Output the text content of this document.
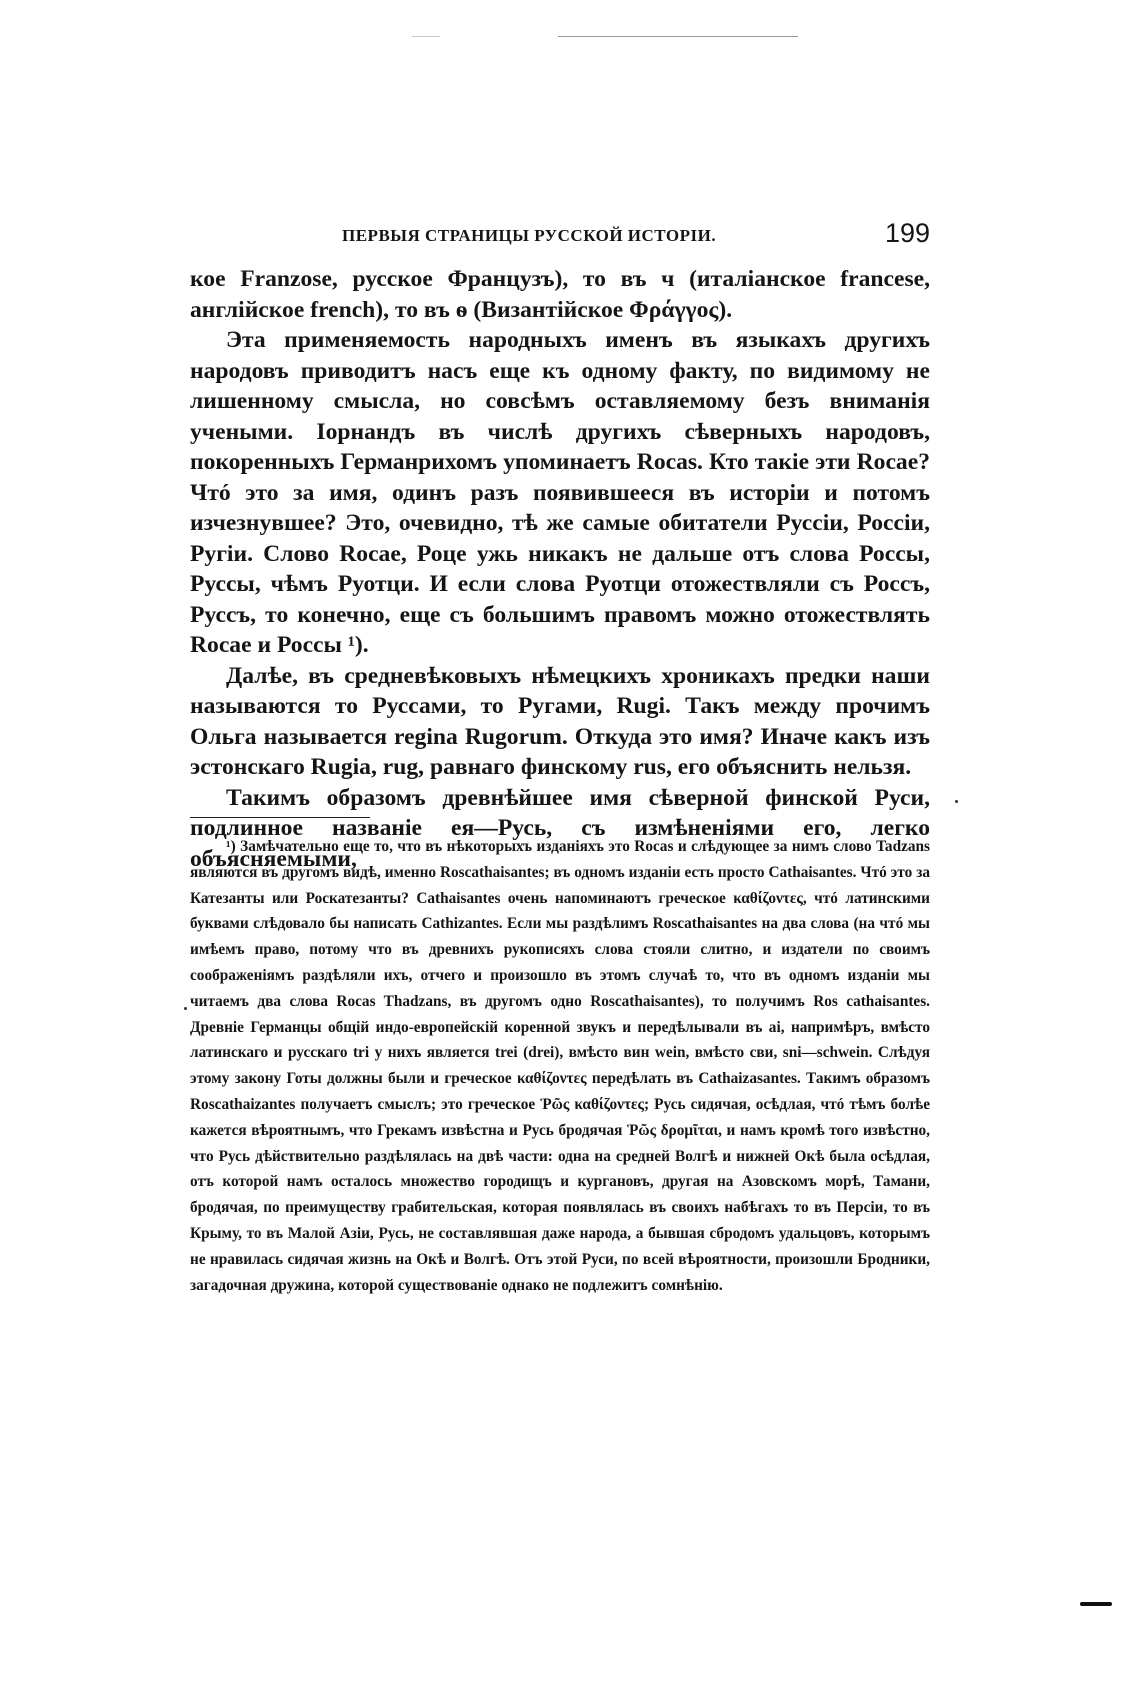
ПЕРВЫЯ СТРАНИЦЫ РУССКОЙ ИСТОРІИ.	199

кое Franzose, русское Французъ), то въ ч (италіанское francese, англійское french), то въ ѳ (Византійское Φράγγος).

Эта применяемость народныхъ именъ въ языкахъ другихъ народовъ приводитъ насъ еще къ одному факту, по видимому не лишенному смысла, но совсѣмъ оставляемому безъ вниманія учеными. Іорнандъ въ числѣ другихъ сѣверныхъ народовъ, покоренныхъ Германрихомъ упоминаетъ Rocas. Кто такіе эти Rocae? Чтó это за имя, одинъ разъ появившееся въ исторіи и потомъ изчезнувшее? Это, очевидно, тѣ же самые обитатели Руссіи, Россіи, Ругіи. Слово Rocae, Роце ужь никакъ не дальше отъ слова Россы, Руссы, чѣмъ Руотци. И если слова Руотци отожествляли съ Россъ, Руссъ, то конечно, еще съ большимъ правомъ можно отожествлять Rocae и Россы ¹).

Далѣе, въ средневѣковыхъ нѣмецкихъ хроникахъ предки наши называются то Руссами, то Ругами, Rugi. Такъ между прочимъ Ольга называется regina Rugorum. Откуда это имя? Иначе какъ изъ эстонскаго Rugia, rug, равнаго финскому rus, его объяснить нельзя.

Такимъ образомъ древнѣйшее имя сѣверной финской Руси, подлинное названіе ея—Русь, съ измѣненіями его, легко объясняемыми,

¹) Замѣчательно еще то, что въ нѣкоторыхъ изданіяхъ это Rocas и слѣдующее за нимъ слово Tadzans являются въ другомъ видѣ, именно Roscathaisantes; въ одномъ изданіи есть просто Cathaisantes. Чтó это за Катезанты или Роскатезанты? Cathaisantes очень напоминаютъ греческое καθίζοντες, чтó латинскими буквами слѣдовало бы написать Cathizantes. Если мы раздѣлимъ Roscathaisantes на два слова (на чтó мы имѣемъ право, потому что въ древнихъ рукописяхъ слова стояли слитно, и издатели по своимъ соображеніямъ раздѣляли ихъ, отчего и произошло въ этомъ случаѣ то, что въ одномъ изданіи мы читаемъ два слова Rocas Thadzans, въ другомъ одно Roscathaisantes), то получимъ Ros cathaisantes. Древніе Германцы общій индо-европейскій коренной звукъ и передѣлывали въ ai, напримѣръ, вмѣсто латинскаго и русскаго tri у нихъ является trei (drei), вмѣсто вин wein, вмѣсто сви, sni—schwein. Слѣдуя этому закону Готы должны были и греческое καθίζοντες передѣлать въ Cathaizasantes. Такимъ образомъ Roscathaizantes получаетъ смыслъ; это греческое Ῥῶς καθίζοντες; Русь сидячая, осѣдлая, чтó тѣмъ болѣе кажется вѣроятнымъ, что Грекамъ извѣстна и Русь бродячая Ῥῶς δρομῖται, и намъ кромѣ того извѣстно, что Русь дѣйствительно раздѣлялась на двѣ части: одна на средней Волгѣ и нижней Окѣ была осѣдлая, отъ которой намъ осталось множество городищъ и кургановъ, другая на Азовскомъ морѣ, Тамани, бродячая, по преимуществу грабительская, которая появлялась въ своихъ набѣгахъ то въ Персіи, то въ Крыму, то въ Малой Азіи, Русь, не составлявшая даже народа, а бывшая сбродомъ удальцовъ, которымъ не нравилась сидячая жизнь на Окѣ и Волгѣ. Отъ этой Руси, по всей вѣроятности, произошли Бродники, загадочная дружина, которой существованіе однако не подлежитъ сомнѣнію.
